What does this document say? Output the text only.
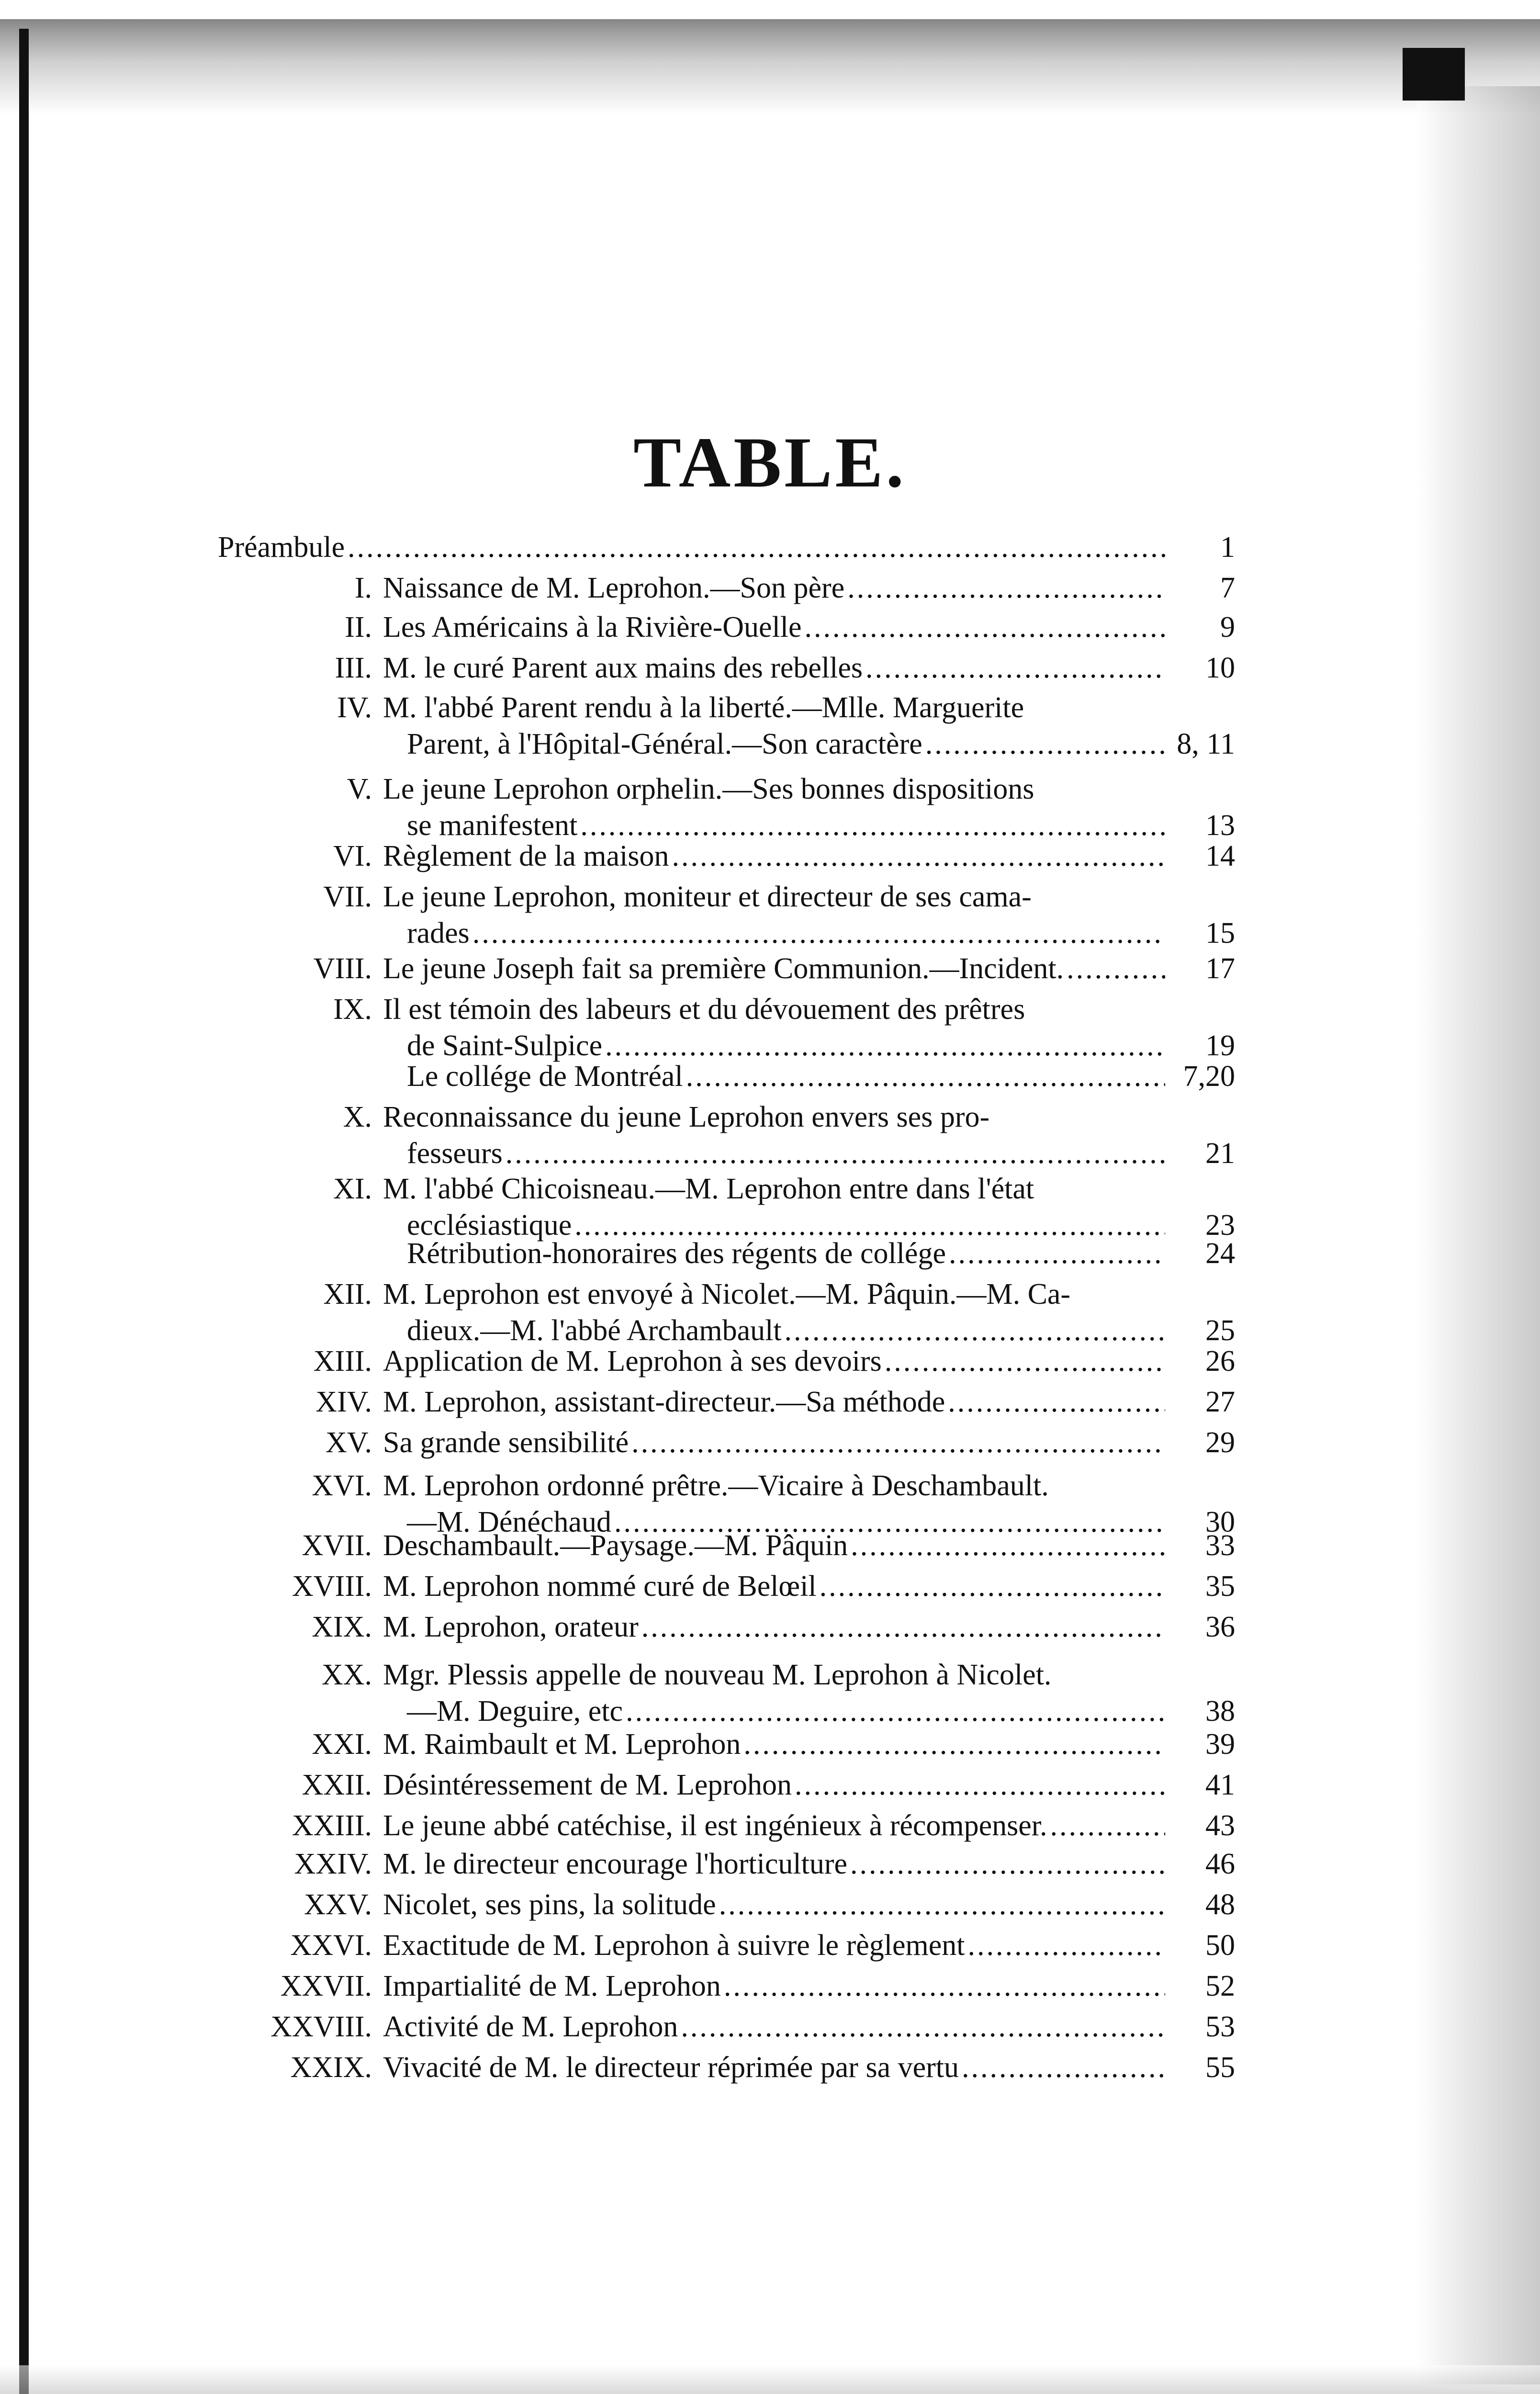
TABLE.
Préambule .....	1
I. Naissance de M. Leprohon.—Son père .....	7
II. Les Américains à la Rivière-Ouelle .....	9
III. M. le curé Parent aux mains des rebelles .....	10
IV. M. l'abbé Parent rendu à la liberté.—Mlle. Marguerite
Parent, à l'Hôpital-Général.—Son caractère .....	8, 11
V. Le jeune Leprohon orphelin.—Ses bonnes dispositions
se manifestent .....	13
VI. Règlement de la maison .....	14
VII. Le jeune Leprohon, moniteur et directeur de ses cama-
rades .....	15
VIII. Le jeune Joseph fait sa première Communion.—Incident. .....	17
IX. Il est témoin des labeurs et du dévouement des prêtres
de Saint-Sulpice .....	19
Le collége de Montréal .....	7,20
X. Reconnaissance du jeune Leprohon envers ses pro-
fesseurs .....	21
XI. M. l'abbé Chicoisneau.—M. Leprohon entre dans l'état
ecclésiastique .....	23
Rétribution-honoraires des régents de collége .....	24
XII. M. Leprohon est envoyé à Nicolet.—M. Pâquin.—M. Ca-
dieux.—M. l'abbé Archambault .....	25
XIII. Application de M. Leprohon à ses devoirs .....	26
XIV. M. Leprohon, assistant-directeur.—Sa méthode .....	27
XV. Sa grande sensibilité .....	29
XVI. M. Leprohon ordonné prêtre.—Vicaire à Deschambault.
—M. Dénéchaud .....	30
XVII. Deschambault.—Paysage.—M. Pâquin .....	33
XVIII. M. Leprohon nommé curé de Belœil .....	35
XIX. M. Leprohon, orateur .....	36
XX. Mgr. Plessis appelle de nouveau M. Leprohon à Nicolet.
—M. Deguire, etc .....	38
XXI. M. Raimbault et M. Leprohon .....	39
XXII. Désintéressement de M. Leprohon .....	41
XXIII. Le jeune abbé catéchise, il est ingénieux à récompenser. .....	43
XXIV. M. le directeur encourage l'horticulture .....	46
XXV. Nicolet, ses pins, la solitude .....	48
XXVI. Exactitude de M. Leprohon à suivre le règlement .....	50
XXVII. Impartialité de M. Leprohon .....	52
XXVIII. Activité de M. Leprohon .....	53
XXIX. Vivacité de M. le directeur réprimée par sa vertu .....	55
